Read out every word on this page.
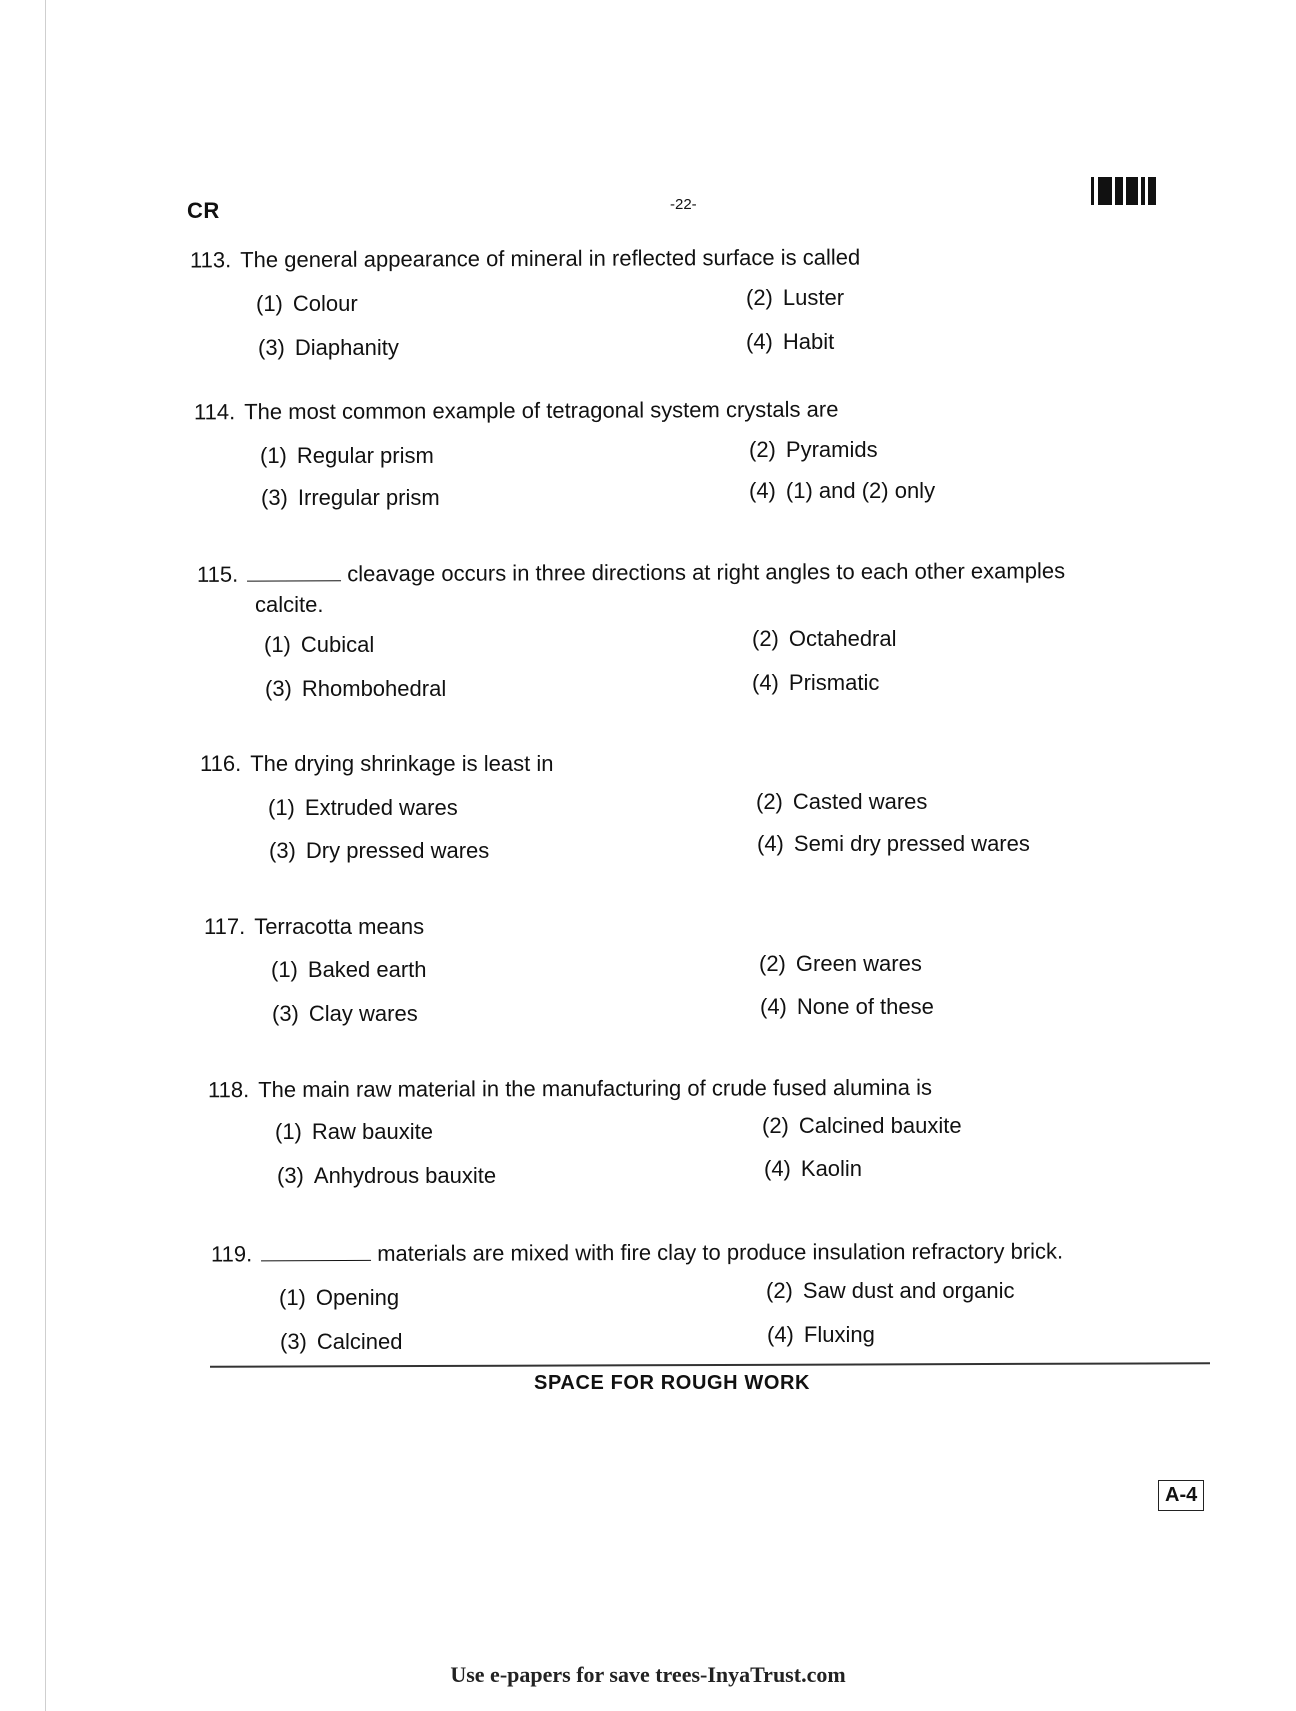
CR	-22-
113. The general appearance of mineral in reflected surface is called
(1) Colour	(2) Luster
(3) Diaphanity	(4) Habit
114. The most common example of tetragonal system crystals are
(1) Regular prism	(2) Pyramids
(3) Irregular prism	(4) (1) and (2) only
115.	cleavage occurs in three directions at right angles to each other examples
calcite.
(1) Cubical	(2) Octahedral
(3) Rhombohedral	(4) Prismatic
116. The drying shrinkage is least in
(1) Extruded wares	(2) Casted wares
(3) Dry pressed wares	(4) Semi dry pressed wares
117. Terracotta means
(1) Baked earth	(2) Green wares
(3) Clay wares	(4) None of these
118. The main raw material in the manufacturing of crude fused alumina is
(1) Raw bauxite	(2) Calcined bauxite
(3) Anhydrous bauxite	(4) Kaolin
119.	materials are mixed with fire clay to produce insulation refractory brick.
(1) Opening	(2) Saw dust and organic
(3) Calcined	(4) Fluxing
SPACE FOR ROUGH WORK
A-4
Use e-papers for save trees-InyaTrust.com
